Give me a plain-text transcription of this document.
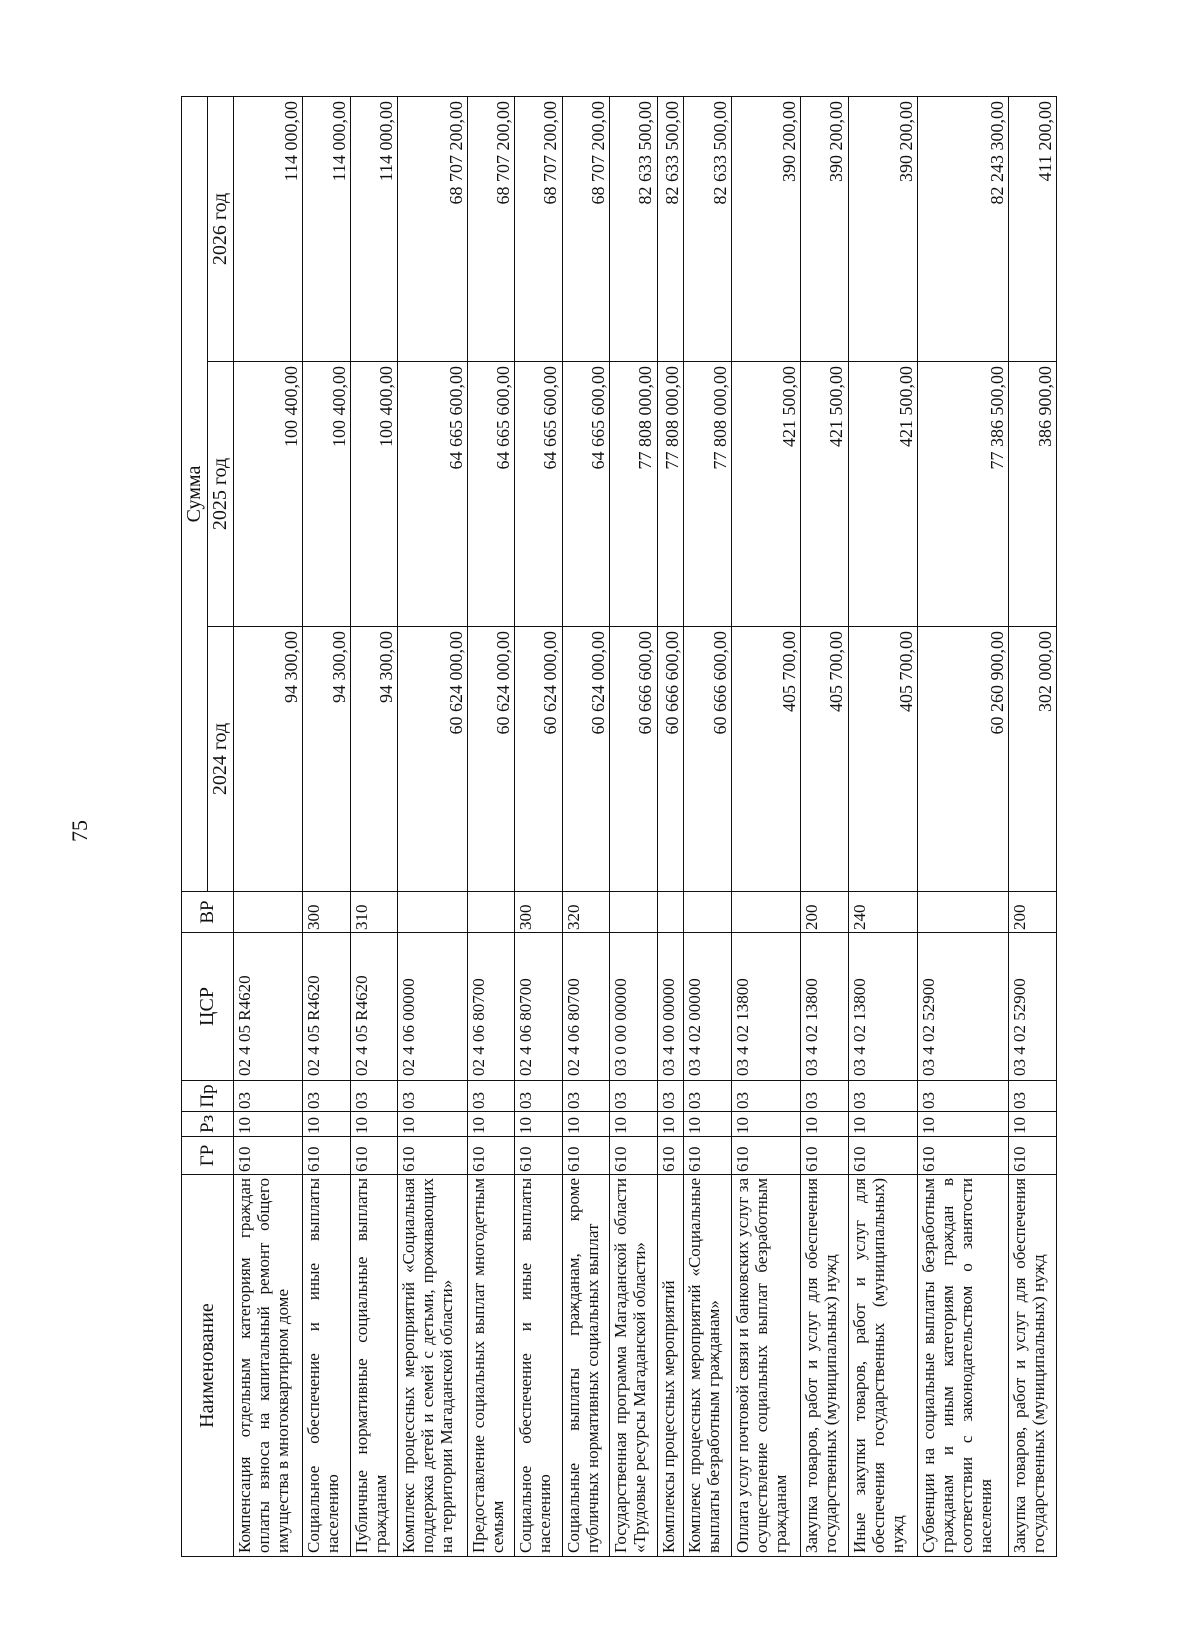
75
Наименование	ГР	Рз	Пр	ЦСР	ВР	Сумма		
						2024 год	2025 год	2026 год
Компенсация отдельным категориям граждан оплаты взноса на капитальный ремонт общего имущества в многоквартирном доме	610	10	03	02 4 05 R4620		94 300,00	100 400,00	114 000,00
Социальное обеспечение и иные выплаты населению	610	10	03	02 4 05 R4620	300	94 300,00	100 400,00	114 000,00
Публичные нормативные социальные выплаты гражданам	610	10	03	02 4 05 R4620	310	94 300,00	100 400,00	114 000,00
Комплекс процессных мероприятий «Социальная поддержка детей и семей с детьми, проживающих на территории Магаданской области»	610	10	03	02 4 06 00000		60 624 000,00	64 665 600,00	68 707 200,00
Предоставление социальных выплат многодетным семьям	610	10	03	02 4 06 80700		60 624 000,00	64 665 600,00	68 707 200,00
Социальное обеспечение и иные выплаты населению	610	10	03	02 4 06 80700	300	60 624 000,00	64 665 600,00	68 707 200,00
Социальные выплаты гражданам, кроме публичных нормативных социальных выплат	610	10	03	02 4 06 80700	320	60 624 000,00	64 665 600,00	68 707 200,00
Государственная программа Магаданской области «Трудовые ресурсы Магаданской области»	610	10	03	03 0 00 00000		60 666 600,00	77 808 000,00	82 633 500,00
Комплексы процессных мероприятий	610	10	03	03 4 00 00000		60 666 600,00	77 808 000,00	82 633 500,00
Комплекс процессных мероприятий «Социальные выплаты безработным гражданам»	610	10	03	03 4 02 00000		60 666 600,00	77 808 000,00	82 633 500,00
Оплата услуг почтовой связи и банковских услуг за осуществление социальных выплат безработным гражданам	610	10	03	03 4 02 13800		405 700,00	421 500,00	390 200,00
Закупка товаров, работ и услуг для обеспечения государственных (муниципальных) нужд	610	10	03	03 4 02 13800	200	405 700,00	421 500,00	390 200,00
Иные закупки товаров, работ и услуг для обеспечения государственных (муниципальных) нужд	610	10	03	03 4 02 13800	240	405 700,00	421 500,00	390 200,00
Субвенции на социальные выплаты безработным гражданам и иным категориям граждан в соответствии с законодательством о занятости населения	610	10	03	03 4 02 52900		60 260 900,00	77 386 500,00	82 243 300,00
Закупка товаров, работ и услуг для обеспечения государственных (муниципальных) нужд	610	10	03	03 4 02 52900	200	302 000,00	386 900,00	411 200,00
